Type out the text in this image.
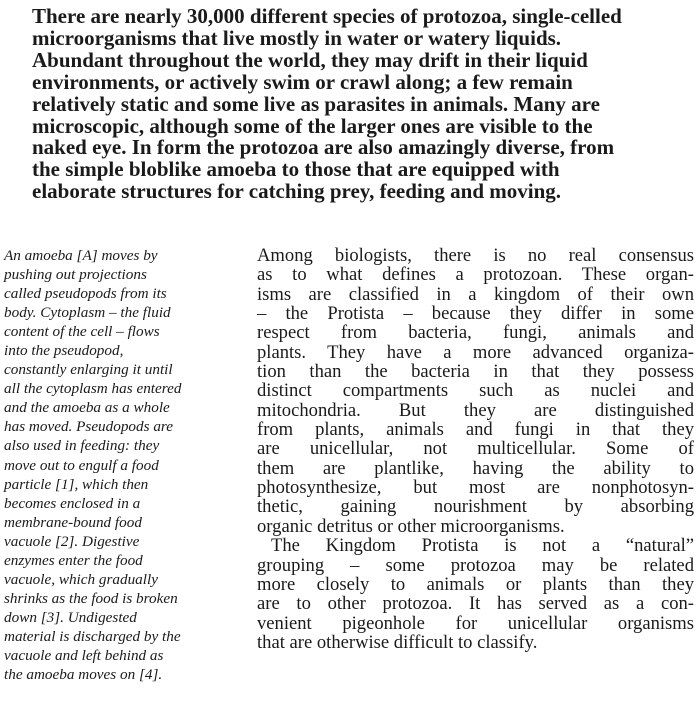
There are nearly 30,000 different species of protozoa, single-celled
microorganisms that live mostly in water or watery liquids.
Abundant throughout the world, they may drift in their liquid
environments, or actively swim or crawl along; a few remain
relatively static and some live as parasites in animals. Many are
microscopic, although some of the larger ones are visible to the
naked eye. In form the protozoa are also amazingly diverse, from
the simple bloblike amoeba to those that are equipped with
elaborate structures for catching prey, feeding and moving.
An amoeba [A] moves by
pushing out projections
called pseudopods from its
body. Cytoplasm – the fluid
content of the cell – flows
into the pseudopod,
constantly enlarging it until
all the cytoplasm has entered
and the amoeba as a whole
has moved. Pseudopods are
also used in feeding: they
move out to engulf a food
particle [1], which then
becomes enclosed in a
membrane-bound food
vacuole [2]. Digestive
enzymes enter the food
vacuole, which gradually
shrinks as the food is broken
down [3]. Undigested
material is discharged by the
vacuole and left behind as
the amoeba moves on [4].
Among biologists, there is no real consensus
as to what defines a protozoan. These organ-
isms are classified in a kingdom of their own
– the Protista – because they differ in some
respect from bacteria, fungi, animals and
plants. They have a more advanced organiza-
tion than the bacteria in that they possess
distinct compartments such as nuclei and
mitochondria. But they are distinguished
from plants, animals and fungi in that they
are unicellular, not multicellular. Some of
them are plantlike, having the ability to
photosynthesize, but most are nonphotosyn-
thetic, gaining nourishment by absorbing
organic detritus or other microorganisms.
The Kingdom Protista is not a “natural”
grouping – some protozoa may be related
more closely to animals or plants than they
are to other protozoa. It has served as a con-
venient pigeonhole for unicellular organisms
that are otherwise difficult to classify.
